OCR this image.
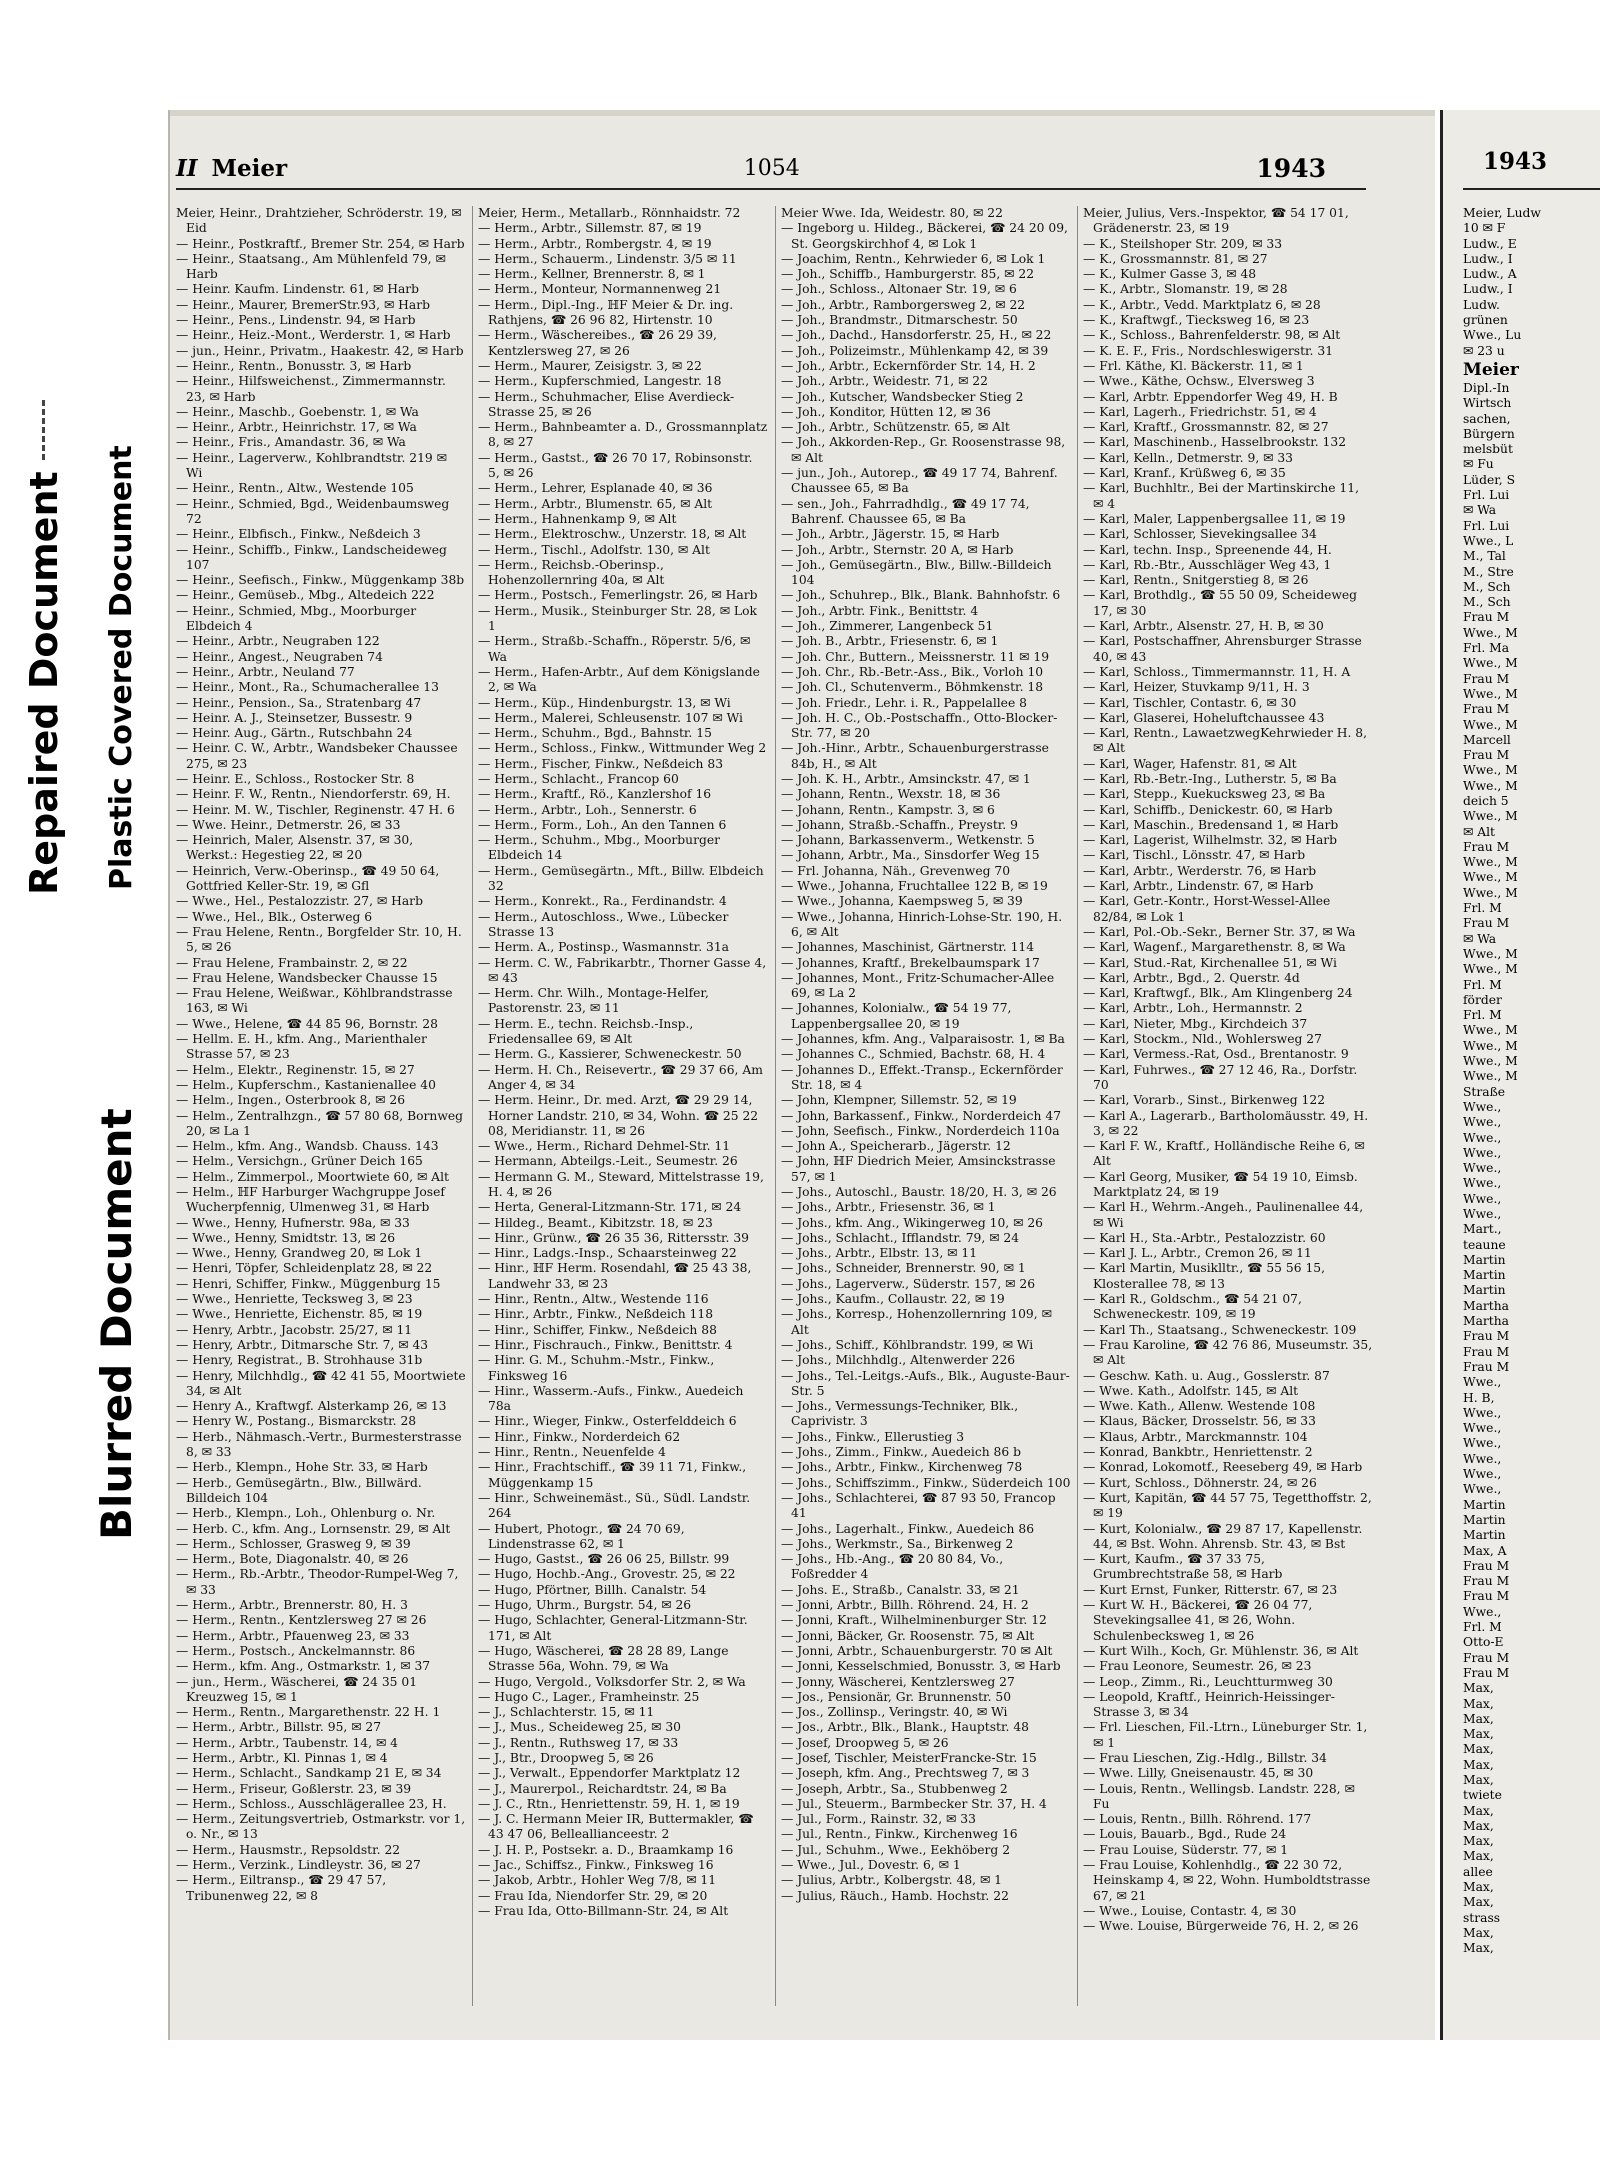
Repaired Document Plastic Covered Document
Blurred Document
II Meier	1054	1943

Meier, Heinr., Drahtzieher, Schröderstr. 19, ✉ Eid

— Heinr., Postkraftf., Bremer Str. 254, ✉ Harb

— Heinr., Staatsang., Am Mühlenfeld 79, ✉ Harb

— Heinr. Kaufm. Lindenstr. 61, ✉ Harb

— Heinr., Maurer, BremerStr.93, ✉ Harb

— Heinr., Pens., Lindenstr. 94, ✉ Harb

— Heinr., Heiz.-Mont., Werderstr. 1, ✉ Harb

— jun., Heinr., Privatm., Haakestr. 42, ✉ Harb

— Heinr., Rentn., Bonusstr. 3, ✉ Harb

— Heinr., Hilfsweichenst., Zimmermannstr. 23, ✉ Harb

— Heinr., Maschb., Goebenstr. 1, ✉ Wa

— Heinr., Arbtr., Heinrichstr. 17, ✉ Wa

— Heinr., Fris., Amandastr. 36, ✉ Wa

— Heinr., Lagerverw., Kohlbrandtstr. 219 ✉ Wi

— Heinr., Rentn., Altw., Westende 105

— Heinr., Schmied, Bgd., Weidenbaumsweg 72

— Heinr., Elbfisch., Finkw., Neßdeich 3

— Heinr., Schiffb., Finkw., Landscheideweg 107

— Heinr., Seefisch., Finkw., Müggenkamp 38b

— Heinr., Gemüseb., Mbg., Altedeich 222

— Heinr., Schmied, Mbg., Moorburger Elbdeich 4

— Heinr., Arbtr., Neugraben 122

— Heinr., Angest., Neugraben 74

— Heinr., Arbtr., Neuland 77

— Heinr., Mont., Ra., Schumacherallee 13

— Heinr., Pension., Sa., Stratenbarg 47

— Heinr. A. J., Steinsetzer, Bussestr. 9

— Heinr. Aug., Gärtn., Rutschbahn 24

— Heinr. C. W., Arbtr., Wandsbeker Chaussee 275, ✉ 23

— Heinr. E., Schloss., Rostocker Str. 8

— Heinr. F. W., Rentn., Niendorferstr. 69, H.

— Heinr. M. W., Tischler, Reginenstr. 47 H. 6

— Wwe. Heinr., Detmerstr. 26, ✉ 33

— Heinrich, Maler, Alsenstr. 37, ✉ 30, Werkst.: Hegestieg 22, ✉ 20

— Heinrich, Verw.-Oberinsp., ☎ 49 50 64, Gottfried Keller-Str. 19, ✉ Gfl

— Wwe., Hel., Pestalozzistr. 27, ✉ Harb

— Wwe., Hel., Blk., Osterweg 6

— Frau Helene, Rentn., Borgfelder Str. 10, H. 5, ✉ 26

— Frau Helene, Frambainstr. 2, ✉ 22

— Frau Helene, Wandsbecker Chausse 15

— Frau Helene, Weißwar., Köhlbrandstrasse 163, ✉ Wi

— Wwe., Helene, ☎ 44 85 96, Bornstr. 28

— Hellm. E. H., kfm. Ang., Marienthaler Strasse 57, ✉ 23

— Helm., Elektr., Reginenstr. 15, ✉ 27

— Helm., Kupferschm., Kastanienallee 40

— Helm., Ingen., Osterbrook 8, ✉ 26

— Helm., Zentralhzgn., ☎ 57 80 68, Bornweg 20, ✉ La 1

— Helm., kfm. Ang., Wandsb. Chauss. 143

— Helm., Versichgn., Grüner Deich 165

— Helm., Zimmerpol., Moortwiete 60, ✉ Alt

— Helm., ℍF Harburger Wachgruppe Josef Wucherpfennig, Ulmenweg 31, ✉ Harb

— Wwe., Henny, Hufnerstr. 98a, ✉ 33

— Wwe., Henny, Smidtstr. 13, ✉ 26

— Wwe., Henny, Grandweg 20, ✉ Lok 1

— Henri, Töpfer, Schleidenplatz 28, ✉ 22

— Henri, Schiffer, Finkw., Müggenburg 15

— Wwe., Henriette, Tecksweg 3, ✉ 23

— Wwe., Henriette, Eichenstr. 85, ✉ 19

— Henry, Arbtr., Jacobstr. 25/27, ✉ 11

— Henry, Arbtr., Ditmarsche Str. 7, ✉ 43

— Henry, Registrat., B. Strohhause 31b

— Henry, Milchhdlg., ☎ 42 41 55, Moortwiete 34, ✉ Alt

— Henry A., Kraftwgf. Alsterkamp 26, ✉ 13

— Henry W., Postang., Bismarckstr. 28

— Herb., Nähmasch.-Vertr., Burmesterstrasse 8, ✉ 33

— Herb., Klempn., Hohe Str. 33, ✉ Harb

— Herb., Gemüsegärtn., Blw., Billwärd. Billdeich 104

— Herb., Klempn., Loh., Ohlenburg o. Nr.

— Herb. C., kfm. Ang., Lornsenstr. 29, ✉ Alt

— Herm., Schlosser, Grasweg 9, ✉ 39

— Herm., Bote, Diagonalstr. 40, ✉ 26

— Herm., Rb.-Arbtr., Theodor-Rumpel-Weg 7, ✉ 33

— Herm., Arbtr., Brennerstr. 80, H. 3

— Herm., Rentn., Kentzlersweg 27 ✉ 26

— Herm., Arbtr., Pfauenweg 23, ✉ 33

— Herm., Postsch., Anckelmannstr. 86

— Herm., kfm. Ang., Ostmarkstr. 1, ✉ 37

— jun., Herm., Wäscherei, ☎ 24 35 01 Kreuzweg 15, ✉ 1

— Herm., Rentn., Margarethenstr. 22 H. 1

— Herm., Arbtr., Billstr. 95, ✉ 27

— Herm., Arbtr., Taubenstr. 14, ✉ 4

— Herm., Arbtr., Kl. Pinnas 1, ✉ 4

— Herm., Schlacht., Sandkamp 21 E, ✉ 34

— Herm., Friseur, Goßlerstr. 23, ✉ 39

— Herm., Schloss., Ausschlägerallee 23, H.

— Herm., Zeitungsvertrieb, Ostmarkstr. vor 1, o. Nr., ✉ 13

— Herm., Hausmstr., Repsoldstr. 22

— Herm., Verzink., Lindleystr. 36, ✉ 27

— Herm., Eiltransp., ☎ 29 47 57, Tribunenweg 22, ✉ 8

Meier, Herm., Metallarb., Rönnhaidstr. 72

— Herm., Arbtr., Sillemstr. 87, ✉ 19

— Herm., Arbtr., Rombergstr. 4, ✉ 19

— Herm., Schauerm., Lindenstr. 3/5 ✉ 11

— Herm., Kellner, Brennerstr. 8, ✉ 1

— Herm., Monteur, Normannenweg 21

— Herm., Dipl.-Ing., ℍF Meier & Dr. ing. Rathjens, ☎ 26 96 82, Hirtenstr. 10

— Herm., Wäschereibes., ☎ 26 29 39, Kentzlersweg 27, ✉ 26

— Herm., Maurer, Zeisigstr. 3, ✉ 22

— Herm., Kupferschmied, Langestr. 18

— Herm., Schuhmacher, Elise Averdieck-Strasse 25, ✉ 26

— Herm., Bahnbeamter a. D., Grossmannplatz 8, ✉ 27

— Herm., Gastst., ☎ 26 70 17, Robinsonstr. 5, ✉ 26

— Herm., Lehrer, Esplanade 40, ✉ 36

— Herm., Arbtr., Blumenstr. 65, ✉ Alt

— Herm., Hahnenkamp 9, ✉ Alt

— Herm., Elektroschw., Unzerstr. 18, ✉ Alt

— Herm., Tischl., Adolfstr. 130, ✉ Alt

— Herm., Reichsb.-Oberinsp., Hohenzollernring 40a, ✉ Alt

— Herm., Postsch., Femerlingstr. 26, ✉ Harb

— Herm., Musik., Steinburger Str. 28, ✉ Lok 1

— Herm., Straßb.-Schaffn., Röperstr. 5/6, ✉ Wa

— Herm., Hafen-Arbtr., Auf dem Königslande 2, ✉ Wa

— Herm., Küp., Hindenburgstr. 13, ✉ Wi

— Herm., Malerei, Schleusenstr. 107 ✉ Wi

— Herm., Schuhm., Bgd., Bahnstr. 15

— Herm., Schloss., Finkw., Wittmunder Weg 2

— Herm., Fischer, Finkw., Neßdeich 83

— Herm., Schlacht., Francop 60

— Herm., Kraftf., Rö., Kanzlershof 16

— Herm., Arbtr., Loh., Sennerstr. 6

— Herm., Form., Loh., An den Tannen 6

— Herm., Schuhm., Mbg., Moorburger Elbdeich 14

— Herm., Gemüsegärtn., Mft., Billw. Elbdeich 32

— Herm., Konrekt., Ra., Ferdinandstr. 4

— Herm., Autoschloss., Wwe., Lübecker Strasse 13

— Herm. A., Postinsp., Wasmannstr. 31a

— Herm. C. W., Fabrikarbtr., Thorner Gasse 4, ✉ 43

— Herm. Chr. Wilh., Montage-Helfer, Pastorenstr. 23, ✉ 11

— Herm. E., techn. Reichsb.-Insp., Friedensallee 69, ✉ Alt

— Herm. G., Kassierer, Schweneckestr. 50

— Herm. H. Ch., Reisevertr., ☎ 29 37 66, Am Anger 4, ✉ 34

— Herm. Heinr., Dr. med. Arzt, ☎ 29 29 14, Horner Landstr. 210, ✉ 34, Wohn. ☎ 25 22 08, Meridianstr. 11, ✉ 26

— Wwe., Herm., Richard Dehmel-Str. 11

— Hermann, Abteilgs.-Leit., Seumestr. 26

— Hermann G. M., Steward, Mittelstrasse 19, H. 4, ✉ 26

— Herta, General-Litzmann-Str. 171, ✉ 24

— Hildeg., Beamt., Kibitzstr. 18, ✉ 23

— Hinr., Grünw., ☎ 26 35 36, Rittersstr. 39

— Hinr., Ladgs.-Insp., Schaarsteinweg 22

— Hinr., ℍF Herm. Rosendahl, ☎ 25 43 38, Landwehr 33, ✉ 23

— Hinr., Rentn., Altw., Westende 116

— Hinr., Arbtr., Finkw., Neßdeich 118

— Hinr., Schiffer, Finkw., Neßdeich 88

— Hinr., Fischrauch., Finkw., Benittstr. 4

— Hinr. G. M., Schuhm.-Mstr., Finkw., Finksweg 16

— Hinr., Wasserm.-Aufs., Finkw., Auedeich 78a

— Hinr., Wieger, Finkw., Osterfelddeich 6

— Hinr., Finkw., Norderdeich 62

— Hinr., Rentn., Neuenfelde 4

— Hinr., Frachtschiff., ☎ 39 11 71, Finkw., Müggenkamp 15

— Hinr., Schweinemäst., Sü., Südl. Landstr. 264

— Hubert, Photogr., ☎ 24 70 69, Lindenstrasse 62, ✉ 1

— Hugo, Gastst., ☎ 26 06 25, Billstr. 99

— Hugo, Hochb.-Ang., Grovestr. 25, ✉ 22

— Hugo, Pförtner, Billh. Canalstr. 54

— Hugo, Uhrm., Burgstr. 54, ✉ 26

— Hugo, Schlachter, General-Litzmann-Str. 171, ✉ Alt

— Hugo, Wäscherei, ☎ 28 28 89, Lange Strasse 56a, Wohn. 79, ✉ Wa

— Hugo, Vergold., Volksdorfer Str. 2, ✉ Wa

— Hugo C., Lager., Framheinstr. 25

— J., Schlachterstr. 15, ✉ 11

— J., Mus., Scheideweg 25, ✉ 30

— J., Rentn., Ruthsweg 17, ✉ 33

— J., Btr., Droopweg 5, ✉ 26

— J., Verwalt., Eppendorfer Marktplatz 12

— J., Maurerpol., Reichardtstr. 24, ✉ Ba

— J. C., Rtn., Henriettenstr. 59, H. 1, ✉ 19

— J. C. Hermann Meier IR, Buttermakler, ☎ 43 47 06, Belleallianceestr. 2

— J. H. P., Postsekr. a. D., Braamkamp 16

— Jac., Schiffsz., Finkw., Finksweg 16

— Jakob, Arbtr., Hohler Weg 7/8, ✉ 11

— Frau Ida, Niendorfer Str. 29, ✉ 20

— Frau Ida, Otto-Billmann-Str. 24, ✉ Alt

Meier Wwe. Ida, Weidestr. 80, ✉ 22

— Ingeborg u. Hildeg., Bäckerei, ☎ 24 20 09, St. Georgskirchhof 4, ✉ Lok 1

— Joachim, Rentn., Kehrwieder 6, ✉ Lok 1

— Joh., Schiffb., Hamburgerstr. 85, ✉ 22

— Joh., Schloss., Altonaer Str. 19, ✉ 6

— Joh., Arbtr., Ramborgersweg 2, ✉ 22

— Joh., Brandmstr., Ditmarschestr. 50

— Joh., Dachd., Hansdorferstr. 25, H., ✉ 22

— Joh., Polizeimstr., Mühlenkamp 42, ✉ 39

— Joh., Arbtr., Eckernförder Str. 14, H. 2

— Joh., Arbtr., Weidestr. 71, ✉ 22

— Joh., Kutscher, Wandsbecker Stieg 2

— Joh., Konditor, Hütten 12, ✉ 36

— Joh., Arbtr., Schützenstr. 65, ✉ Alt

— Joh., Akkorden-Rep., Gr. Roosenstrasse 98, ✉ Alt

— jun., Joh., Autorep., ☎ 49 17 74, Bahrenf. Chaussee 65, ✉ Ba

— sen., Joh., Fahrradhdlg., ☎ 49 17 74, Bahrenf. Chaussee 65, ✉ Ba

— Joh., Arbtr., Jägerstr. 15, ✉ Harb

— Joh., Arbtr., Sternstr. 20 A, ✉ Harb

— Joh., Gemüsegärtn., Blw., Billw.-Billdeich 104

— Joh., Schuhrep., Blk., Blank. Bahnhofstr. 6

— Joh., Arbtr. Fink., Benittstr. 4

— Joh., Zimmerer, Langenbeck 51

— Joh. B., Arbtr., Friesenstr. 6, ✉ 1

— Joh. Chr., Buttern., Meissnerstr. 11 ✉ 19

— Joh. Chr., Rb.-Betr.-Ass., Bik., Vorloh 10

— Joh. Cl., Schutenverm., Böhmkenstr. 18

— Joh. Friedr., Lehr. i. R., Pappelallee 8

— Joh. H. C., Ob.-Postschaffn., Otto-Blocker-Str. 77, ✉ 20

— Joh.-Hinr., Arbtr., Schauenburgerstrasse 84b, H., ✉ Alt

— Joh. K. H., Arbtr., Amsinckstr. 47, ✉ 1

— Johann, Rentn., Wexstr. 18, ✉ 36

— Johann, Rentn., Kampstr. 3, ✉ 6

— Johann, Straßb.-Schaffn., Preystr. 9

— Johann, Barkassenverm., Wetkenstr. 5

— Johann, Arbtr., Ma., Sinsdorfer Weg 15

— Frl. Johanna, Näh., Grevenweg 70

— Wwe., Johanna, Fruchtallee 122 B, ✉ 19

— Wwe., Johanna, Kaempsweg 5, ✉ 39

— Wwe., Johanna, Hinrich-Lohse-Str. 190, H. 6, ✉ Alt

— Johannes, Maschinist, Gärtnerstr. 114

— Johannes, Kraftf., Brekelbaumspark 17

— Johannes, Mont., Fritz-Schumacher-Allee 69, ✉ La 2

— Johannes, Kolonialw., ☎ 54 19 77, Lappenbergsallee 20, ✉ 19

— Johannes, kfm. Ang., Valparaisostr. 1, ✉ Ba

— Johannes C., Schmied, Bachstr. 68, H. 4

— Johannes D., Effekt.-Transp., Eckernförder Str. 18, ✉ 4

— John, Klempner, Sillemstr. 52, ✉ 19

— John, Barkassenf., Finkw., Norderdeich 47

— John, Seefisch., Finkw., Norderdeich 110a

— John A., Speicherarb., Jägerstr. 12

— John, ℍF Diedrich Meier, Amsinckstrasse 57, ✉ 1

— Johs., Autoschl., Baustr. 18/20, H. 3, ✉ 26

— Johs., Arbtr., Friesenstr. 36, ✉ 1

— Johs., kfm. Ang., Wikingerweg 10, ✉ 26

— Johs., Schlacht., Ifflandstr. 79, ✉ 24

— Johs., Arbtr., Elbstr. 13, ✉ 11

— Johs., Schneider, Brennerstr. 90, ✉ 1

— Johs., Lagerverw., Süderstr. 157, ✉ 26

— Johs., Kaufm., Collaustr. 22, ✉ 19

— Johs., Korresp., Hohenzollernring 109, ✉ Alt

— Johs., Schiff., Köhlbrandstr. 199, ✉ Wi

— Johs., Milchhdlg., Altenwerder 226

— Johs., Tel.-Leitgs.-Aufs., Blk., Auguste-Baur-Str. 5

— Johs., Vermessungs-Techniker, Blk., Caprivistr. 3

— Johs., Finkw., Ellerustieg 3

— Johs., Zimm., Finkw., Auedeich 86 b

— Johs., Arbtr., Finkw., Kirchenweg 78

— Johs., Schiffszimm., Finkw., Süderdeich 100

— Johs., Schlachterei, ☎ 87 93 50, Francop 41

— Johs., Lagerhalt., Finkw., Auedeich 86

— Johs., Werkmstr., Sa., Birkenweg 2

— Johs., Hb.-Ang., ☎ 20 80 84, Vo., Foßredder 4

— Johs. E., Straßb., Canalstr. 33, ✉ 21

— Jonni, Arbtr., Billh. Röhrend. 24, H. 2

— Jonni, Kraft., Wilhelminenburger Str. 12

— Jonni, Bäcker, Gr. Roosenstr. 75, ✉ Alt

— Jonni, Arbtr., Schauenburgerstr. 70 ✉ Alt

— Jonni, Kesselschmied, Bonusstr. 3, ✉ Harb

— Jonny, Wäscherei, Kentzlersweg 27

— Jos., Pensionär, Gr. Brunnenstr. 50

— Jos., Zollinsp., Veringstr. 40, ✉ Wi

— Jos., Arbtr., Blk., Blank., Hauptstr. 48

— Josef, Droopweg 5, ✉ 26

— Josef, Tischler, MeisterFrancke-Str. 15

— Joseph, kfm. Ang., Prechtsweg 7, ✉ 3

— Joseph, Arbtr., Sa., Stubbenweg 2

— Jul., Steuerm., Barmbecker Str. 37, H. 4

— Jul., Form., Rainstr. 32, ✉ 33

— Jul., Rentn., Finkw., Kirchenweg 16

— Jul., Schuhm., Wwe., Eekhöberg 2

— Wwe., Jul., Dovestr. 6, ✉ 1

— Julius, Arbtr., Kolbergstr. 48, ✉ 1

— Julius, Räuch., Hamb. Hochstr. 22

Meier, Julius, Vers.-Inspektor, ☎ 54 17 01, Grädenerstr. 23, ✉ 19

— K., Steilshoper Str. 209, ✉ 33

— K., Grossmannstr. 81, ✉ 27

— K., Kulmer Gasse 3, ✉ 48

— K., Arbtr., Slomanstr. 19, ✉ 28

— K., Arbtr., Vedd. Marktplatz 6, ✉ 28

— K., Kraftwgf., Tiecksweg 16, ✉ 23

— K., Schloss., Bahrenfelderstr. 98, ✉ Alt

— K. E. F., Fris., Nordschleswigerstr. 31

— Frl. Käthe, Kl. Bäckerstr. 11, ✉ 1

— Wwe., Käthe, Ochsw., Elversweg 3

— Karl, Arbtr. Eppendorfer Weg 49, H. B

— Karl, Lagerh., Friedrichstr. 51, ✉ 4

— Karl, Kraftf., Grossmannstr. 82, ✉ 27

— Karl, Maschinenb., Hasselbrookstr. 132

— Karl, Kelln., Detmerstr. 9, ✉ 33

— Karl, Kranf., Krüßweg 6, ✉ 35

— Karl, Buchhltr., Bei der Martinskirche 11, ✉ 4

— Karl, Maler, Lappenbergsallee 11, ✉ 19

— Karl, Schlosser, Sievekingsallee 34

— Karl, techn. Insp., Spreenende 44, H.

— Karl, Rb.-Btr., Ausschläger Weg 43, 1

— Karl, Rentn., Snitgerstieg 8, ✉ 26

— Karl, Brothdlg., ☎ 55 50 09, Scheideweg 17, ✉ 30

— Karl, Arbtr., Alsenstr. 27, H. B, ✉ 30

— Karl, Postschaffner, Ahrensburger Strasse 40, ✉ 43

— Karl, Schloss., Timmermannstr. 11, H. A

— Karl, Heizer, Stuvkamp 9/11, H. 3

— Karl, Tischler, Contastr. 6, ✉ 30

— Karl, Glaserei, Hoheluftchaussee 43

— Karl, Rentn., LawaetzwegKehrwieder H. 8, ✉ Alt

— Karl, Wager, Hafenstr. 81, ✉ Alt

— Karl, Rb.-Betr.-Ing., Lutherstr. 5, ✉ Ba

— Karl, Stepp., Kuekucksweg 23, ✉ Ba

— Karl, Schiffb., Denickestr. 60, ✉ Harb

— Karl, Maschin., Bredensand 1, ✉ Harb

— Karl, Lagerist, Wilhelmstr. 32, ✉ Harb

— Karl, Tischl., Lönsstr. 47, ✉ Harb

— Karl, Arbtr., Werderstr. 76, ✉ Harb

— Karl, Arbtr., Lindenstr. 67, ✉ Harb

— Karl, Getr.-Kontr., Horst-Wessel-Allee 82/84, ✉ Lok 1

— Karl, Pol.-Ob.-Sekr., Berner Str. 37, ✉ Wa

— Karl, Wagenf., Margarethenstr. 8, ✉ Wa

— Karl, Stud.-Rat, Kirchenallee 51, ✉ Wi

— Karl, Arbtr., Bgd., 2. Querstr. 4d

— Karl, Kraftwgf., Blk., Am Klingenberg 24

— Karl, Arbtr., Loh., Hermannstr. 2

— Karl, Nieter, Mbg., Kirchdeich 37

— Karl, Stockm., Nld., Wohlersweg 27

— Karl, Vermess.-Rat, Osd., Brentanostr. 9

— Karl, Fuhrwes., ☎ 27 12 46, Ra., Dorfstr. 70

— Karl, Vorarb., Sinst., Birkenweg 122

— Karl A., Lagerarb., Bartholomäusstr. 49, H. 3, ✉ 22

— Karl F. W., Kraftf., Holländische Reihe 6, ✉ Alt

— Karl Georg, Musiker, ☎ 54 19 10, Eimsb. Marktplatz 24, ✉ 19

— Karl H., Wehrm.-Angeh., Paulinenallee 44, ✉ Wi

— Karl H., Sta.-Arbtr., Pestalozzistr. 60

— Karl J. L., Arbtr., Cremon 26, ✉ 11

— Karl Martin, Musiklltr., ☎ 55 56 15, Klosterallee 78, ✉ 13

— Karl R., Goldschm., ☎ 54 21 07, Schweneckestr. 109, ✉ 19

— Karl Th., Staatsang., Schweneckestr. 109

— Frau Karoline, ☎ 42 76 86, Museumstr. 35, ✉ Alt

— Geschw. Kath. u. Aug., Gosslerstr. 87

— Wwe. Kath., Adolfstr. 145, ✉ Alt

— Wwe. Kath., Allenw. Westende 108

— Klaus, Bäcker, Drosselstr. 56, ✉ 33

— Klaus, Arbtr., Marckmannstr. 104

— Konrad, Bankbtr., Henriettenstr. 2

— Konrad, Lokomotf., Reeseberg 49, ✉ Harb

— Kurt, Schloss., Döhnerstr. 24, ✉ 26

— Kurt, Kapitän, ☎ 44 57 75, Tegetthoffstr. 2, ✉ 19

— Kurt, Kolonialw., ☎ 29 87 17, Kapellenstr. 44, ✉ Bst. Wohn. Ahrensb. Str. 43, ✉ Bst

— Kurt, Kaufm., ☎ 37 33 75, Grumbrechtstraße 58, ✉ Harb

— Kurt Ernst, Funker, Ritterstr. 67, ✉ 23

— Kurt W. H., Bäckerei, ☎ 26 04 77, Stevekingsallee 41, ✉ 26, Wohn. Schulenbecksweg 1, ✉ 26

— Kurt Wilh., Koch, Gr. Mühlenstr. 36, ✉ Alt

— Frau Leonore, Seumestr. 26, ✉ 23

— Leop., Zimm., Ri., Leuchtturmweg 30

— Leopold, Kraftf., Heinrich-Heissinger-Strasse 3, ✉ 34

— Frl. Lieschen, Fil.-Ltrn., Lüneburger Str. 1, ✉ 1

— Frau Lieschen, Zig.-Hdlg., Billstr. 34

— Wwe. Lilly, Gneisenaustr. 45, ✉ 30

— Louis, Rentn., Wellingsb. Landstr. 228, ✉ Fu

— Louis, Rentn., Billh. Röhrend. 177

— Louis, Bauarb., Bgd., Rude 24

— Frau Louise, Süderstr. 77, ✉ 1

— Frau Louise, Kohlenhdlg., ☎ 22 30 72, Heinskamp 4, ✉ 22, Wohn. Humboldtstrasse 67, ✉ 21

— Wwe., Louise, Contastr. 4, ✉ 30

— Wwe. Louise, Bürgerweide 76, H. 2, ✉ 26

1943
Meier, Ludw
10 ✉ F
Ludw., E
Ludw., I
Ludw., A
Ludw., I
Ludw.
grünen
Wwe., Lu
✉ 23 u
Meier
Dipl.-In
Wirtsch
sachen,
Bürgern
melsbüt
✉ Fu
Lüder, S
Frl. Lui
✉ Wa
Frl. Lui
Wwe., L
M., Tal
M., Stre
M., Sch
M., Sch
Frau M
Wwe., M
Frl. Ma
Wwe., M
Frau M
Wwe., M
Frau M
Wwe., M
Marcell
Frau M
Wwe., M
Wwe., M
deich 5
Wwe., M
✉ Alt
Frau M
Wwe., M
Wwe., M
Wwe., M
Frl. M
Frau M
✉ Wa
Wwe., M
Wwe., M
Frl. M
förder
Frl. M
Wwe., M
Wwe., M
Wwe., M
Wwe., M
Straße
Wwe.,
Wwe.,
Wwe.,
Wwe.,
Wwe.,
Wwe.,
Wwe.,
Wwe.,
Mart.,
teaune
Martin
Martin
Martin
Martha
Martha
Frau M
Frau M
Frau M
Wwe.,
H. B,
Wwe.,
Wwe.,
Wwe.,
Wwe.,
Wwe.,
Wwe.,
Martin
Martin
Martin
Max, A
Frau M
Frau M
Frau M
Wwe.,
Frl. M
Otto-E
Frau M
Frau M
Max,
Max,
Max,
Max,
Max,
Max,
Max,
twiete
Max,
Max,
Max,
Max,
allee
Max,
Max,
strass
Max,
Max,
